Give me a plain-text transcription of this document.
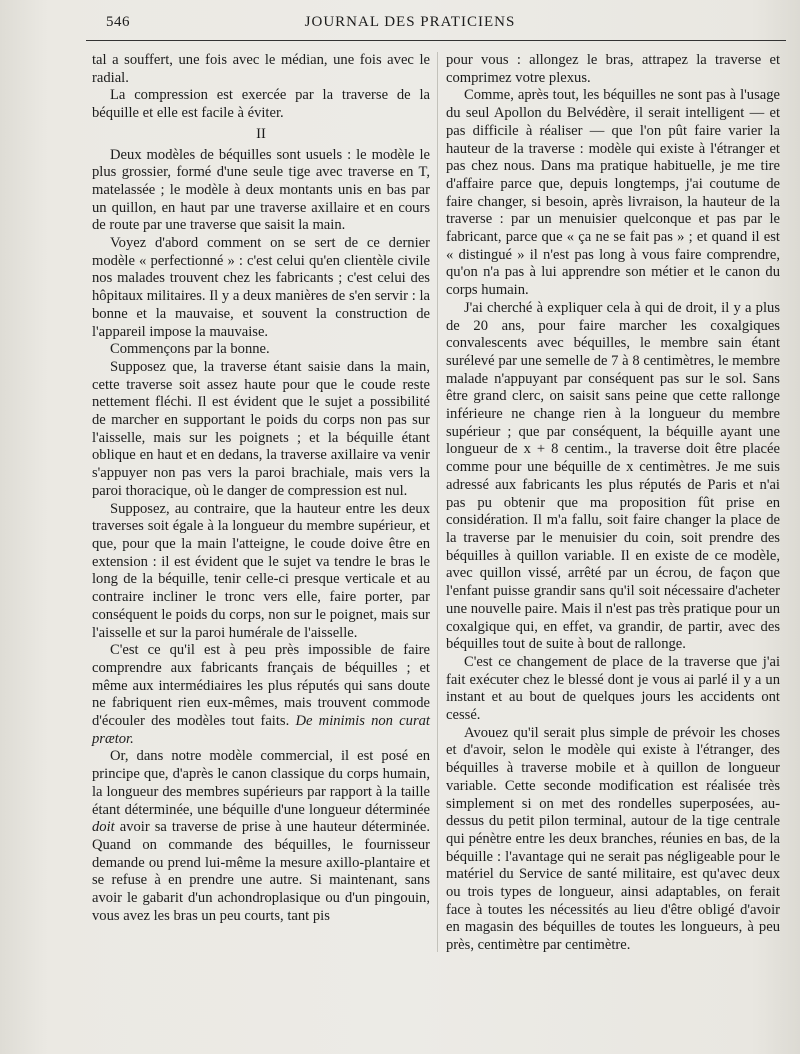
546	JOURNAL DES PRATICIENS

tal a souffert, une fois avec le médian, une fois avec le radial.

La compression est exercée par la traverse de la béquille et elle est facile à éviter.

II

Deux modèles de béquilles sont usuels : le modèle le plus grossier, formé d'une seule tige avec traverse en T, matelassée ; le modèle à deux montants unis en bas par un quillon, en haut par une traverse axillaire et en cours de route par une traverse que saisit la main.

Voyez d'abord comment on se sert de ce dernier modèle « perfectionné » : c'est celui qu'en clientèle civile nos malades trouvent chez les fabricants ; c'est celui des hôpitaux militaires. Il y a deux manières de s'en servir : la bonne et la mauvaise, et souvent la construction de l'appareil impose la mauvaise.

Commençons par la bonne.

Supposez que, la traverse étant saisie dans la main, cette traverse soit assez haute pour que le coude reste nettement fléchi. Il est évident que le sujet a possibilité de marcher en supportant le poids du corps non pas sur l'aisselle, mais sur les poignets ; et la béquille étant oblique en haut et en dedans, la traverse axillaire va venir s'appuyer non pas vers la paroi brachiale, mais vers la paroi thoracique, où le danger de compression est nul.

Supposez, au contraire, que la hauteur entre les deux traverses soit égale à la longueur du membre supérieur, et que, pour que la main l'atteigne, le coude doive être en extension : il est évident que le sujet va tendre le bras le long de la béquille, tenir celle-ci presque verticale et au contraire incliner le tronc vers elle, faire porter, par conséquent le poids du corps, non sur le poignet, mais sur l'aisselle et sur la paroi humérale de l'aisselle.

C'est ce qu'il est à peu près impossible de faire comprendre aux fabricants français de béquilles ; et même aux intermédiaires les plus réputés qui sans doute ne fabriquent rien eux-mêmes, mais trouvent commode d'écouler des modèles tout faits. De minimis non curat prætor.

Or, dans notre modèle commercial, il est posé en principe que, d'après le canon classique du corps humain, la longueur des membres supérieurs par rapport à la taille étant déterminée, une béquille d'une longueur déterminée doit avoir sa traverse de prise à une hauteur déterminée. Quand on commande des béquilles, le fournisseur demande ou prend lui-même la mesure axillo-plantaire et se refuse à en prendre une autre. Si maintenant, sans avoir le gabarit d'un achondroplasique ou d'un pingouin, vous avez les bras un peu courts, tant pis

pour vous : allongez le bras, attrapez la traverse et comprimez votre plexus.

Comme, après tout, les béquilles ne sont pas à l'usage du seul Apollon du Belvédère, il serait intelligent — et pas difficile à réaliser — que l'on pût faire varier la hauteur de la traverse : modèle qui existe à l'étranger et pas chez nous. Dans ma pratique habituelle, je me tire d'affaire parce que, depuis longtemps, j'ai coutume de faire changer, si besoin, après livraison, la hauteur de la traverse : par un menuisier quelconque et pas par le fabricant, parce que « ça ne se fait pas » ; et quand il est « distingué » il n'est pas long à vous faire comprendre, qu'on n'a pas à lui apprendre son métier et le canon du corps humain.

J'ai cherché à expliquer cela à qui de droit, il y a plus de 20 ans, pour faire marcher les coxalgiques convalescents avec béquilles, le membre sain étant surélevé par une semelle de 7 à 8 centimètres, le membre malade n'appuyant par conséquent pas sur le sol. Sans être grand clerc, on saisit sans peine que cette rallonge inférieure ne change rien à la longueur du membre supérieur ; que par conséquent, la béquille ayant une longueur de x + 8 centim., la traverse doit être placée comme pour une béquille de x centimètres. Je me suis adressé aux fabricants les plus réputés de Paris et n'ai pas pu obtenir que ma proposition fût prise en considération. Il m'a fallu, soit faire changer la place de la traverse par le menuisier du coin, soit prendre des béquilles à quillon variable. Il en existe de ce modèle, avec quillon vissé, arrêté par un écrou, de façon que l'enfant puisse grandir sans qu'il soit nécessaire d'acheter une nouvelle paire. Mais il n'est pas très pratique pour un coxalgique qui, en effet, va grandir, de partir, avec des béquilles tout de suite à bout de rallonge.

C'est ce changement de place de la traverse que j'ai fait exécuter chez le blessé dont je vous ai parlé il y a un instant et au bout de quelques jours les accidents ont cessé.

Avouez qu'il serait plus simple de prévoir les choses et d'avoir, selon le modèle qui existe à l'étranger, des béquilles à traverse mobile et à quillon de longueur variable. Cette seconde modification est réalisée très simplement si on met des rondelles superposées, au-dessus du petit pilon terminal, autour de la tige centrale qui pénètre entre les deux branches, réunies en bas, de la béquille : l'avantage qui ne serait pas négligeable pour le matériel du Service de santé militaire, est qu'avec deux ou trois types de longueur, ainsi adaptables, on ferait face à toutes les nécessités au lieu d'être obligé d'avoir en magasin des béquilles de toutes les longueurs, à peu près, centimètre par centimètre.
